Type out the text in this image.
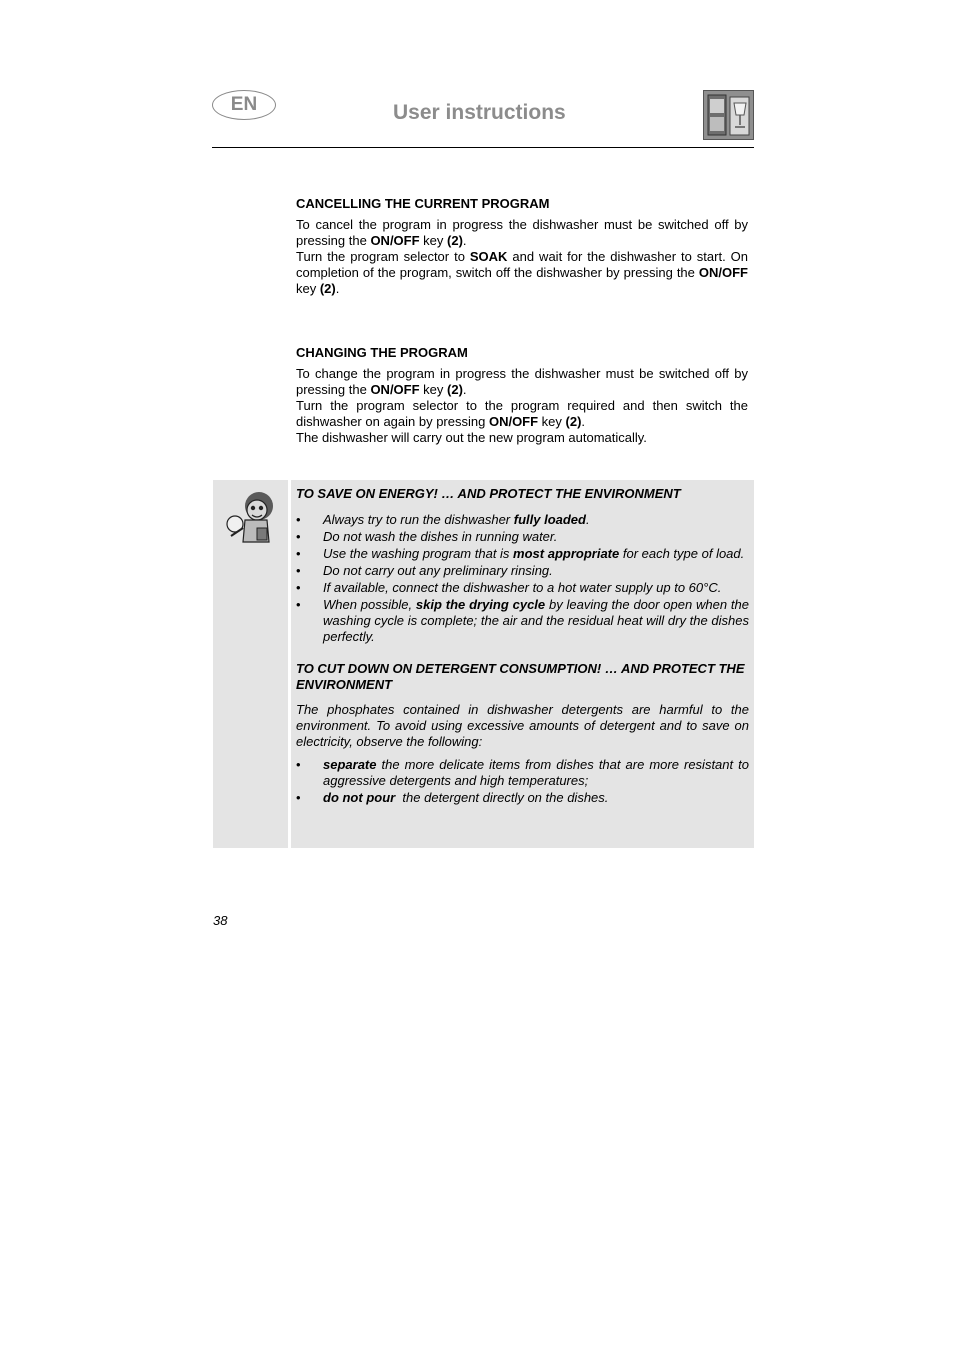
EN	User instructions
CANCELLING THE CURRENT PROGRAM

To cancel the program in progress the dishwasher must be switched off by pressing the ON/OFF key (2).

Turn the program selector to SOAK and wait for the dishwasher to start. On completion of the program, switch off the dishwasher by pressing the ON/OFF key (2).

CHANGING THE PROGRAM

To change the program in progress the dishwasher must be switched off by pressing the ON/OFF key (2).

Turn the program selector to the program required and then switch the dishwasher on again by pressing ON/OFF key (2).

The dishwasher will carry out the new program automatically.

TO SAVE ON ENERGY! … AND PROTECT THE ENVIRONMENT
• Always try to run the dishwasher fully loaded.
• Do not wash the dishes in running water.
• Use the washing program that is most appropriate for each type of load.
• Do not carry out any preliminary rinsing.
• If available, connect the dishwasher to a hot water supply up to 60°C.
• When possible, skip the drying cycle by leaving the door open when the washing cycle is complete; the air and the residual heat will dry the dishes perfectly.
TO CUT DOWN ON DETERGENT CONSUMPTION! … AND PROTECT THE ENVIRONMENT

The phosphates contained in dishwasher detergents are harmful to the environment. To avoid using excessive amounts of detergent and to save on electricity, observe the following:

• separate the more delicate items from dishes that are more resistant to aggressive detergents and high temperatures;
• do not pour  the detergent directly on the dishes.
38
